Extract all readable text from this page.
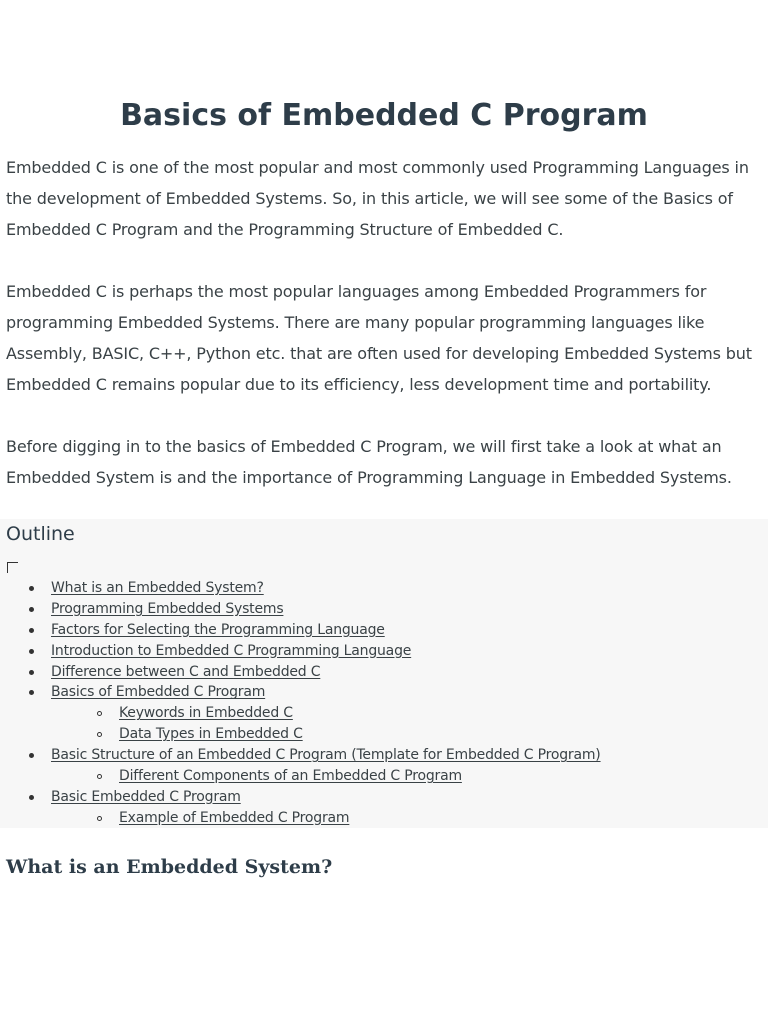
Basics of Embedded C Program

Embedded C is one of the most popular and most commonly used Programming Languages in the development of Embedded Systems. So, in this article, we will see some of the Basics of Embedded C Program and the Programming Structure of Embedded C.

Embedded C is perhaps the most popular languages among Embedded Programmers for programming Embedded Systems. There are many popular programming languages like Assembly, BASIC, C++, Python etc. that are often used for developing Embedded Systems but Embedded C remains popular due to its efficiency, less development time and portability.

Before digging in to the basics of Embedded C Program, we will first take a look at what an Embedded System is and the importance of Programming Language in Embedded Systems.

Outline
What is an Embedded System?
Programming Embedded Systems
Factors for Selecting the Programming Language
Introduction to Embedded C Programming Language
Difference between C and Embedded C
Basics of Embedded C Program
Keywords in Embedded C
Data Types in Embedded C
Basic Structure of an Embedded C Program (Template for Embedded C Program)
Different Components of an Embedded C Program
Basic Embedded C Program
Example of Embedded C Program
What is an Embedded System?
